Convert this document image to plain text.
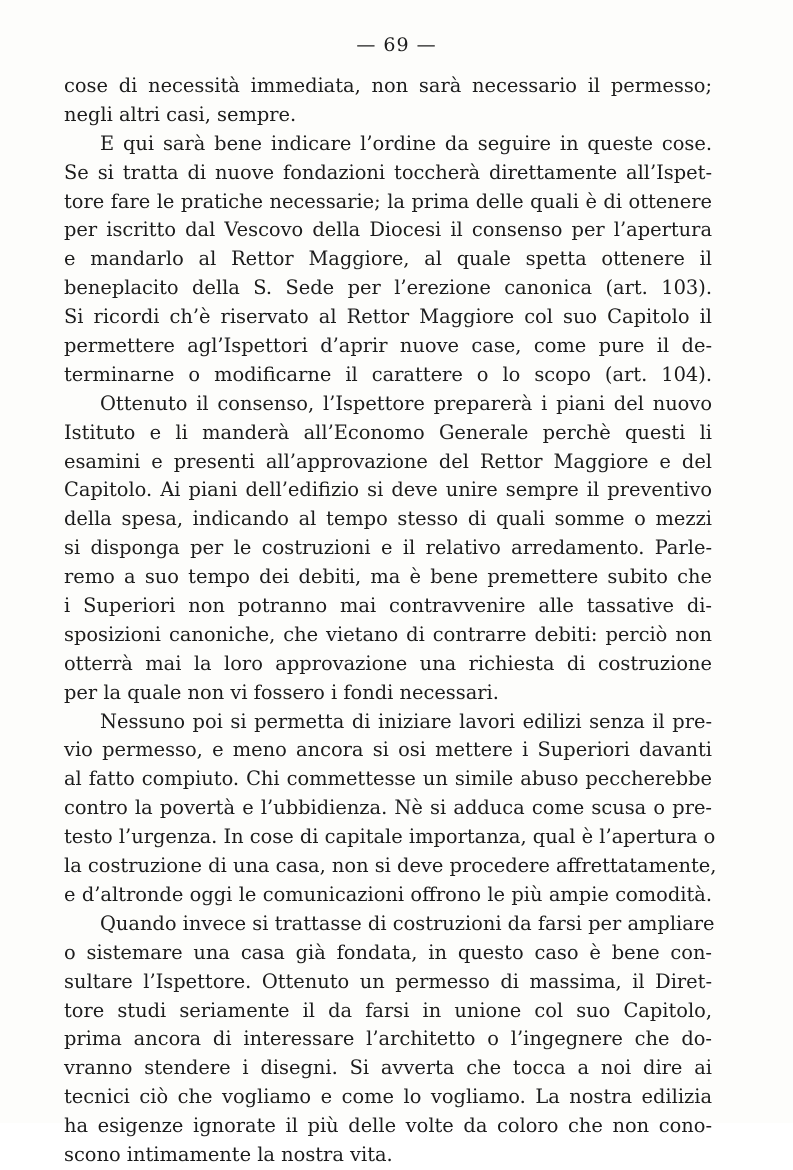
— 69 —
cose di necessità immediata, non sarà necessario il permesso;
negli altri casi, sempre.
E qui sarà bene indicare l’ordine da seguire in queste cose.
Se si tratta di nuove fondazioni toccherà direttamente all’Ispet-
tore fare le pratiche necessarie; la prima delle quali è di ottenere
per iscritto dal Vescovo della Diocesi il consenso per l’apertura
e mandarlo al Rettor Maggiore, al quale spetta ottenere il
beneplacito della S. Sede per l’erezione canonica (art. 103).
Si ricordi ch’è riservato al Rettor Maggiore col suo Capitolo il
permettere agl’Ispettori d’aprir nuove case, come pure il de-
terminarne o modificarne il carattere o lo scopo (art. 104).
Ottenuto il consenso, l’Ispettore preparerà i piani del nuovo
Istituto e li manderà all’Economo Generale perchè questi li
esamini e presenti all’approvazione del Rettor Maggiore e del
Capitolo. Ai piani dell’edifizio si deve unire sempre il preventivo
della spesa, indicando al tempo stesso di quali somme o mezzi
si disponga per le costruzioni e il relativo arredamento. Parle-
remo a suo tempo dei debiti, ma è bene premettere subito che
i Superiori non potranno mai contravvenire alle tassative di-
sposizioni canoniche, che vietano di contrarre debiti: perciò non
otterrà mai la loro approvazione una richiesta di costruzione
per la quale non vi fossero i fondi necessari.
Nessuno poi si permetta di iniziare lavori edilizi senza il pre-
vio permesso, e meno ancora si osi mettere i Superiori davanti
al fatto compiuto. Chi commettesse un simile abuso peccherebbe
contro la povertà e l’ubbidienza. Nè si adduca come scusa o pre-
testo l’urgenza. In cose di capitale importanza, qual è l’apertura o
la costruzione di una casa, non si deve procedere affrettatamente,
e d’altronde oggi le comunicazioni offrono le più ampie comodità.
Quando invece si trattasse di costruzioni da farsi per ampliare
o sistemare una casa già fondata, in questo caso è bene con-
sultare l’Ispettore. Ottenuto un permesso di massima, il Diret-
tore studi seriamente il da farsi in unione col suo Capitolo,
prima ancora di interessare l’architetto o l’ingegnere che do-
vranno stendere i disegni. Si avverta che tocca a noi dire ai
tecnici ciò che vogliamo e come lo vogliamo. La nostra edilizia
ha esigenze ignorate il più delle volte da coloro che non cono-
scono intimamente la nostra vita.
